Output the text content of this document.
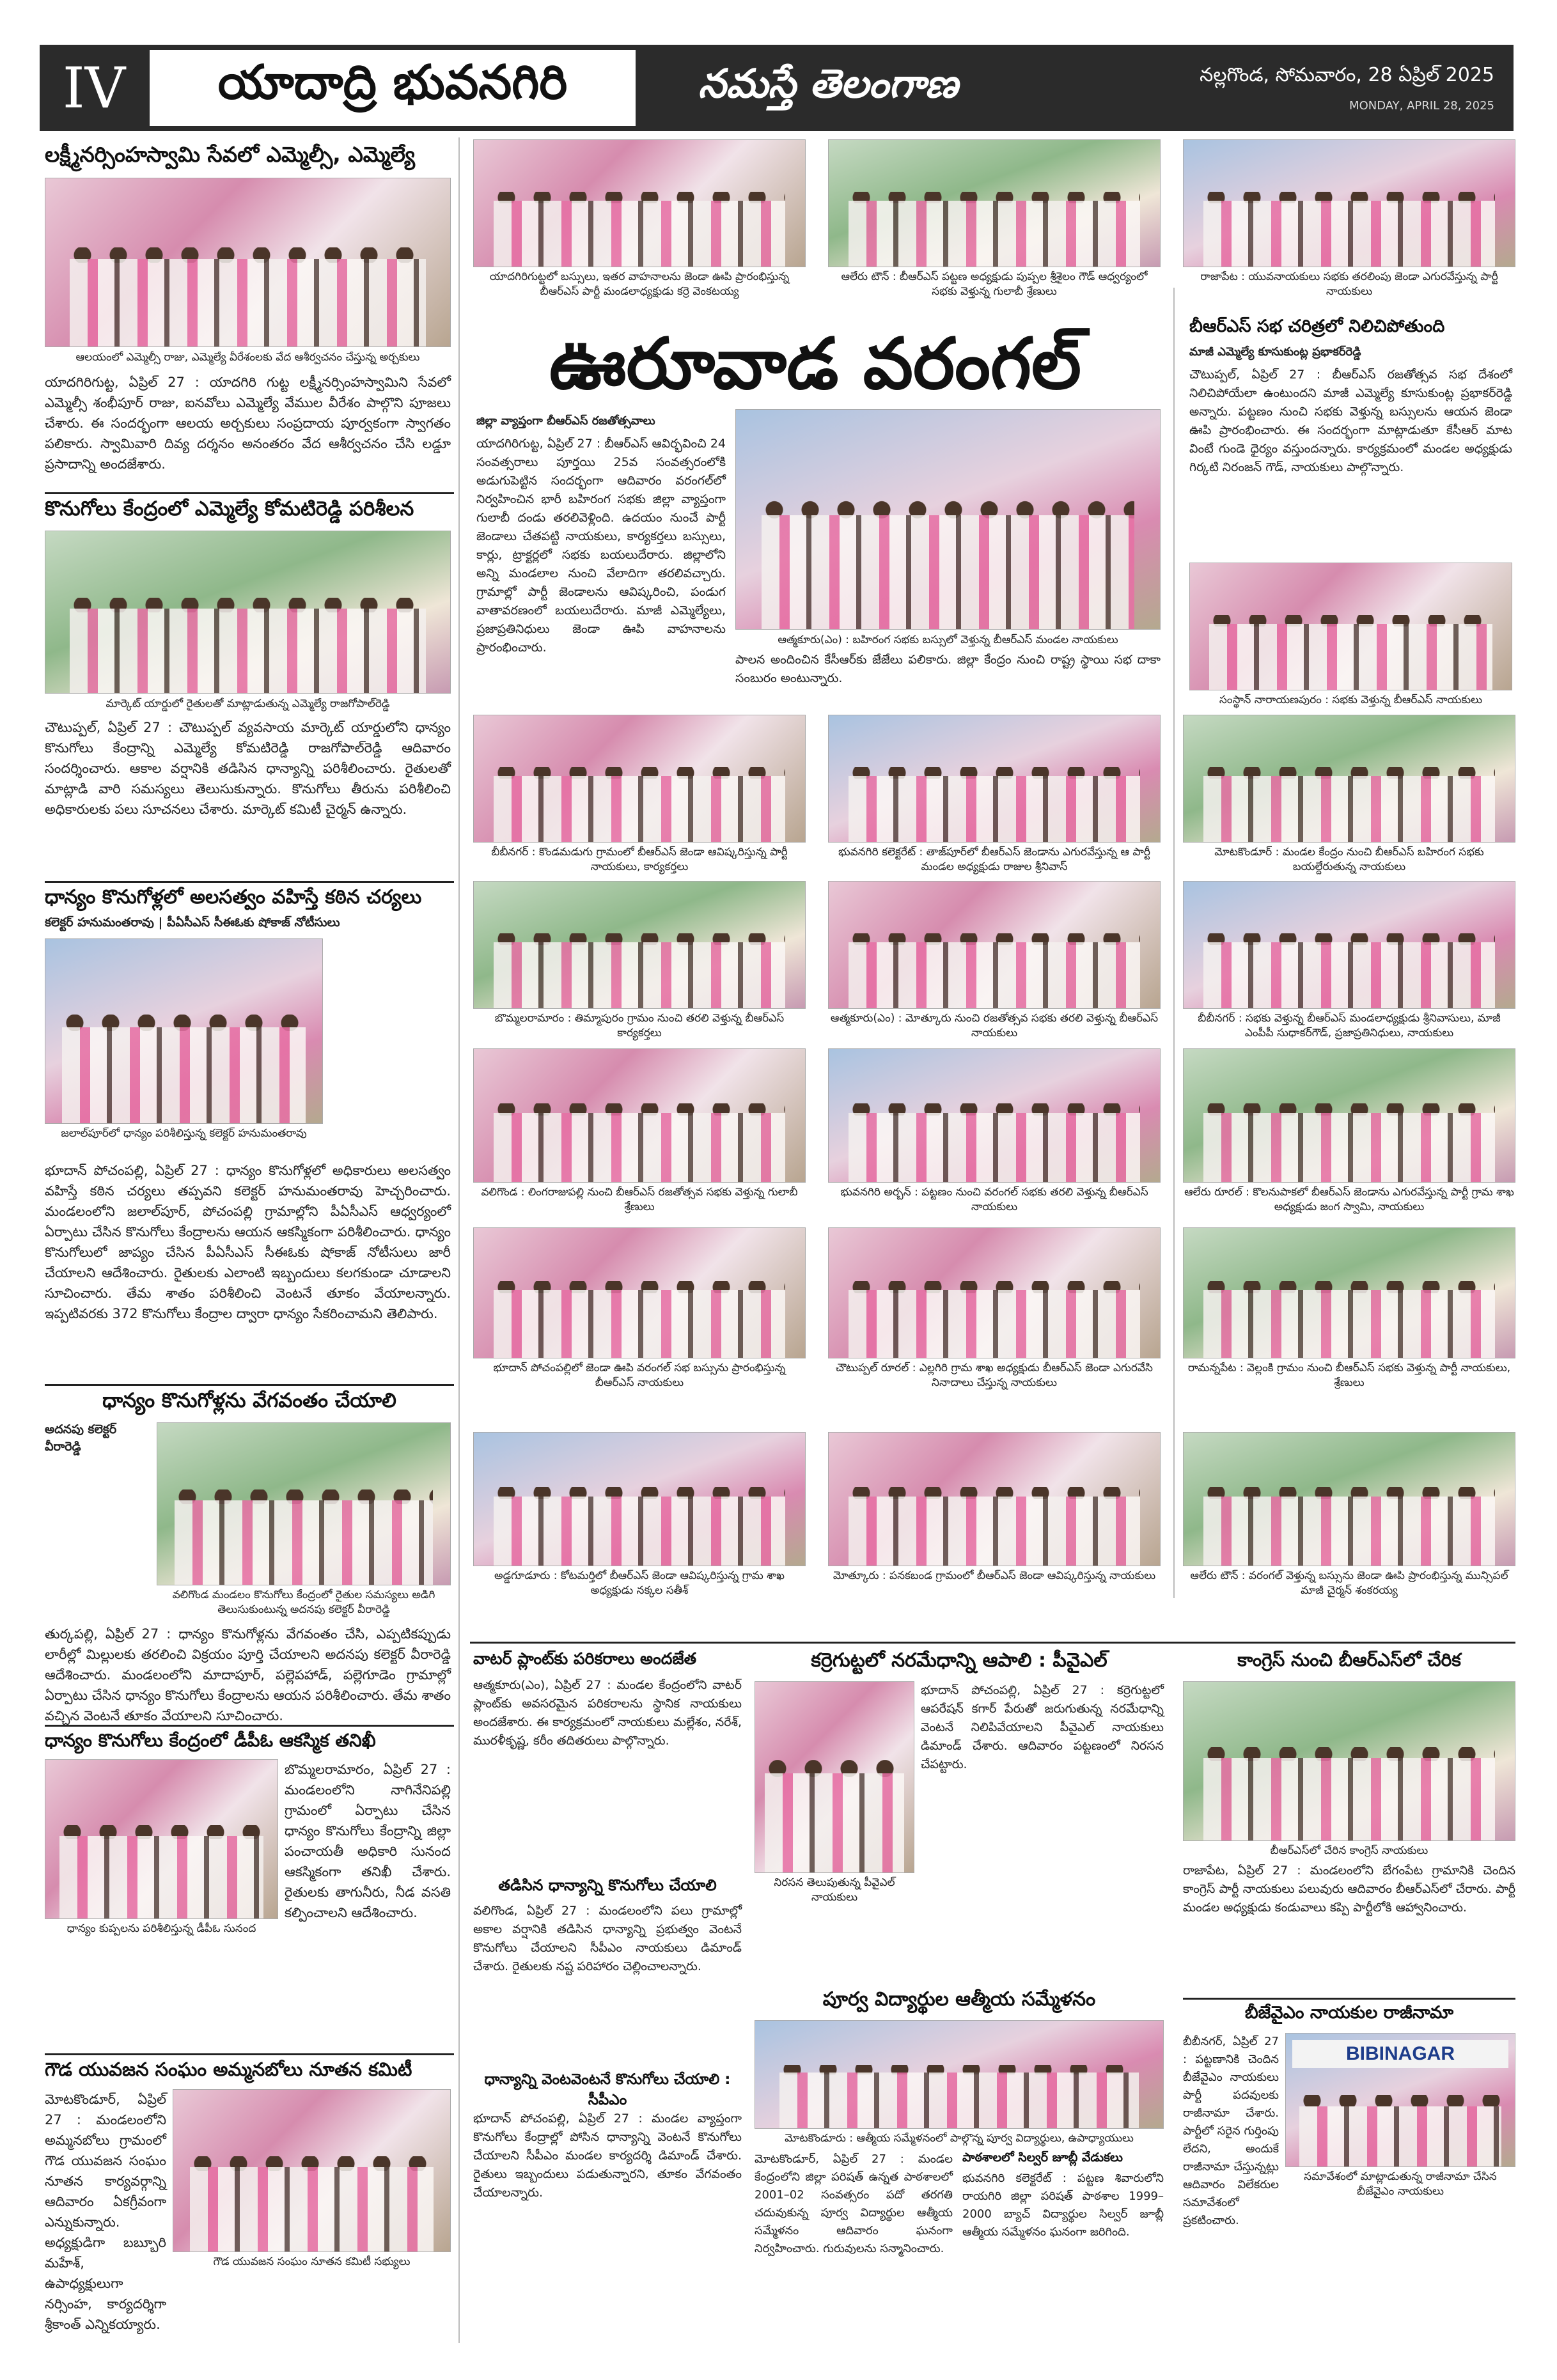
IV	యాదాద్రి భువనగిరి	నమస్తే తెలంగాణ	నల్లగొండ, సోమవారం, 28 ఏప్రిల్ 2025
MONDAY, APRIL 28, 2025
లక్ష్మీనర్సింహస్వామి సేవలో ఎమ్మెల్సీ, ఎమ్మెల్యే
ఆలయంలో ఎమ్మెల్సీ రాజు, ఎమ్మెల్యే వీరేశంలకు వేద ఆశీర్వచనం చేస్తున్న అర్చకులు
యాదగిరిగుట్ట, ఏప్రిల్ 27 : యాదగిరి గుట్ట లక్ష్మీనర్సింహస్వామిని సేవలో ఎమ్మెల్సీ శంభీపూర్ రాజు, ఐనవోలు ఎమ్మెల్యే వేముల వీరేశం పాల్గొని పూజలు చేశారు. ఈ సందర్భంగా ఆలయ అర్చకులు సంప్రదాయ పూర్వకంగా స్వాగతం పలికారు. స్వామివారి దివ్య దర్శనం అనంతరం వేద ఆశీర్వచనం చేసి లడ్డూ ప్రసాదాన్ని అందజేశారు.
కొనుగోలు కేంద్రంలో ఎమ్మెల్యే కోమటిరెడ్డి పరిశీలన
మార్కెట్ యార్డులో రైతులతో మాట్లాడుతున్న ఎమ్మెల్యే రాజగోపాల్‌రెడ్డి
చౌటుప్పల్, ఏప్రిల్ 27 : చౌటుప్పల్ వ్యవసాయ మార్కెట్ యార్డులోని ధాన్యం కొనుగోలు కేంద్రాన్ని ఎమ్మెల్యే కోమటిరెడ్డి రాజగోపాల్‌రెడ్డి ఆదివారం సందర్శించారు. ఆకాల వర్షానికి తడిసిన ధాన్యాన్ని పరిశీలించారు. రైతులతో మాట్లాడి వారి సమస్యలు తెలుసుకున్నారు. కొనుగోలు తీరును పరిశీలించి అధికారులకు పలు సూచనలు చేశారు. మార్కెట్ కమిటీ చైర్మన్ ఉన్నారు.
ధాన్యం కొనుగోళ్లలో అలసత్వం వహిస్తే కఠిన చర్యలు
కలెక్టర్ హనుమంతరావు | పీఏసీఎస్ సీఈఓకు షోకాజ్ నోటీసులు
జలాల్‌పూర్‌లో ధాన్యం పరిశీలిస్తున్న కలెక్టర్ హనుమంతరావు
భూదాన్ పోచంపల్లి, ఏప్రిల్ 27 : ధాన్యం కొనుగోళ్లలో అధికారులు అలసత్వం వహిస్తే కఠిన చర్యలు తప్పవని కలెక్టర్ హనుమంతరావు హెచ్చరించారు. మండలంలోని జలాల్‌పూర్, పోచంపల్లి గ్రామాల్లోని పీఏసీఎస్ ఆధ్వర్యంలో ఏర్పాటు చేసిన కొనుగోలు కేంద్రాలను ఆయన ఆకస్మికంగా పరిశీలించారు. ధాన్యం కొనుగోలులో జాప్యం చేసిన పీఏసీఎస్ సీఈఓకు షోకాజ్ నోటీసులు జారీ చేయాలని ఆదేశించారు. రైతులకు ఎలాంటి ఇబ్బందులు కలగకుండా చూడాలని సూచించారు. తేమ శాతం పరిశీలించి వెంటనే తూకం వేయాలన్నారు. ఇప్పటివరకు 372 కొనుగోలు కేంద్రాల ద్వారా ధాన్యం సేకరించామని తెలిపారు.
ధాన్యం కొనుగోళ్లను వేగవంతం చేయాలి
అదనపు కలెక్టర్ వీరారెడ్డి
వలిగొండ మండలం కొనుగోలు కేంద్రంలో రైతుల సమస్యలు అడిగి తెలుసుకుంటున్న అదనపు కలెక్టర్ వీరారెడ్డి
తుర్కపల్లి, ఏప్రిల్ 27 : ధాన్యం కొనుగోళ్లను వేగవంతం చేసి, ఎప్పటికప్పుడు లారీల్లో మిల్లులకు తరలించి విక్రయం పూర్తి చేయాలని అదనపు కలెక్టర్ వీరారెడ్డి ఆదేశించారు. మండలంలోని మాదాపూర్, పల్లెపహాడ్, పల్లెగూడెం గ్రామాల్లో ఏర్పాటు చేసిన ధాన్యం కొనుగోలు కేంద్రాలను ఆయన పరిశీలించారు. తేమ శాతం వచ్చిన వెంటనే తూకం వేయాలని సూచించారు.
ధాన్యం కొనుగోలు కేంద్రంలో డీపీఓ ఆకస్మిక తనిఖీ
ధాన్యం కుప్పలను పరిశీలిస్తున్న డీపీఓ సునంద
బొమ్మలరామారం, ఏప్రిల్ 27 : మండలంలోని నాగినేనిపల్లి గ్రామంలో ఏర్పాటు చేసిన ధాన్యం కొనుగోలు కేంద్రాన్ని జిల్లా పంచాయతీ అధికారి సునంద ఆకస్మికంగా తనిఖీ చేశారు. రైతులకు తాగునీరు, నీడ వసతి కల్పించాలని ఆదేశించారు.
గౌడ యువజన సంఘం అమ్మనబోలు నూతన కమిటీ
మోటకొండూర్, ఏప్రిల్ 27 : మండలంలోని అమ్మనబోలు గ్రామంలో గౌడ యువజన సంఘం నూతన కార్యవర్గాన్ని ఆదివారం ఏకగ్రీవంగా ఎన్నుకున్నారు. అధ్యక్షుడిగా బబ్బూరి మహేశ్, ఉపాధ్యక్షులుగా నర్సింహ, కార్యదర్శిగా శ్రీకాంత్ ఎన్నికయ్యారు.
గౌడ యువజన సంఘం నూతన కమిటీ సభ్యులు
యాదగిరిగుట్టలో బస్సులు, ఇతర వాహనాలను జెండా ఊపి ప్రారంభిస్తున్న బీఆర్‌ఎస్ పార్టీ మండలాధ్యక్షుడు కర్రె వెంకటయ్య
ఆలేరు టౌన్ : బీఆర్‌ఎస్ పట్టణ అధ్యక్షుడు పుప్పల శ్రీశైలం గౌడ్ ఆధ్వర్యంలో సభకు వెళ్తున్న గులాబీ శ్రేణులు
రాజాపేట : యువనాయకులు సభకు తరలింపు జెండా ఎగురవేస్తున్న పార్టీ నాయకులు
ఊరూవాడ వరంగల్
జిల్లా వ్యాప్తంగా బీఆర్‌ఎస్ రజతోత్సవాలు
యాదగిరిగుట్ట, ఏప్రిల్ 27 : బీఆర్‌ఎస్ ఆవిర్భవించి 24 సంవత్సరాలు పూర్తయి 25వ సంవత్సరంలోకి అడుగుపెట్టిన సందర్భంగా ఆదివారం వరంగల్‌లో నిర్వహించిన భారీ బహిరంగ సభకు జిల్లా వ్యాప్తంగా గులాబీ దండు తరలివెళ్లింది. ఉదయం నుంచే పార్టీ జెండాలు చేతపట్టి నాయకులు, కార్యకర్తలు బస్సులు, కార్లు, ట్రాక్టర్లలో సభకు బయలుదేరారు. జిల్లాలోని అన్ని మండలాల నుంచి వేలాదిగా తరలివచ్చారు. గ్రామాల్లో పార్టీ జెండాలను ఆవిష్కరించి, పండుగ వాతావరణంలో బయలుదేరారు. మాజీ ఎమ్మెల్యేలు, ప్రజాప్రతినిధులు జెండా ఊపి వాహనాలను ప్రారంభించారు.
ఆత్మకూరు(ఎం) : బహిరంగ సభకు బస్సులో వెళ్తున్న బీఆర్‌ఎస్ మండల నాయకులు
పాలన అందించిన కేసీఆర్‌కు జేజేలు పలికారు. జిల్లా కేంద్రం నుంచి రాష్ట్ర స్థాయి సభ దాకా సంబురం అంటున్నారు.
బీఆర్‌ఎస్ సభ చరిత్రలో నిలిచిపోతుంది
మాజీ ఎమ్మెల్యే కూసుకుంట్ల ప్రభాకర్‌రెడ్డి
చౌటుప్పల్, ఏప్రిల్ 27 : బీఆర్‌ఎస్ రజతోత్సవ సభ దేశంలో నిలిచిపోయేలా ఉంటుందని మాజీ ఎమ్మెల్యే కూసుకుంట్ల ప్రభాకర్‌రెడ్డి అన్నారు. పట్టణం నుంచి సభకు వెళ్తున్న బస్సులను ఆయన జెండా ఊపి ప్రారంభించారు. ఈ సందర్భంగా మాట్లాడుతూ కేసీఆర్ మాట వింటే గుండె ధైర్యం వస్తుందన్నారు. కార్యక్రమంలో మండల అధ్యక్షుడు గిర్కటి నిరంజన్ గౌడ్, నాయకులు పాల్గొన్నారు.
సంస్థాన్ నారాయణపురం : సభకు వెళ్తున్న బీఆర్‌ఎస్ నాయకులు
బీబీనగర్ : కొండమడుగు గ్రామంలో బీఆర్‌ఎస్ జెండా ఆవిష్కరిస్తున్న పార్టీ నాయకులు, కార్యకర్తలు
భువనగిరి కలెక్టరేట్ : తాజ్‌పూర్‌లో బీఆర్‌ఎస్ జెండాను ఎగురవేస్తున్న ఆ పార్టీ మండల అధ్యక్షుడు రాజుల శ్రీనివాస్
మోటకొండూర్ : మండల కేంద్రం నుంచి బీఆర్‌ఎస్ బహిరంగ సభకు బయల్దేరుతున్న నాయకులు
బొమ్మలరామారం : తిమ్మాపురం గ్రామం నుంచి తరలి వెళ్తున్న బీఆర్‌ఎస్ కార్యకర్తలు
ఆత్మకూరు(ఎం) : మోత్కూరు నుంచి రజతోత్సవ సభకు తరలి వెళ్తున్న బీఆర్‌ఎస్ నాయకులు
బీబీనగర్ : సభకు వెళ్తున్న బీఆర్‌ఎస్ మండలాధ్యక్షుడు శ్రీనివాసులు, మాజీ ఎంపీపీ సుధాకర్‌గౌడ్, ప్రజాప్రతినిధులు, నాయకులు
వలిగొండ : లింగరాజుపల్లి నుంచి బీఆర్‌ఎస్ రజతోత్సవ సభకు వెళ్తున్న గులాబీ శ్రేణులు
భువనగిరి అర్బన్ : పట్టణం నుంచి వరంగల్ సభకు తరలి వెళ్తున్న బీఆర్‌ఎస్ నాయకులు
ఆలేరు రూరల్ : కొలనుపాకలో బీఆర్‌ఎస్ జెండాను ఎగురవేస్తున్న పార్టీ గ్రామ శాఖ అధ్యక్షుడు జంగ స్వామి, నాయకులు
భూదాన్ పోచంపల్లిలో జెండా ఊపి వరంగల్ సభ బస్సును ప్రారంభిస్తున్న బీఆర్‌ఎస్ నాయకులు
చౌటుప్పల్ రూరల్ : ఎల్లగిరి గ్రామ శాఖ అధ్యక్షుడు బీఆర్‌ఎస్ జెండా ఎగురవేసి నినాదాలు చేస్తున్న నాయకులు
రామన్నపేట : వెల్లంకి గ్రామం నుంచి బీఆర్‌ఎస్ సభకు వెళ్తున్న పార్టీ నాయకులు, శ్రేణులు
అడ్డగూడూరు : కోటమర్తిలో బీఆర్‌ఎస్ జెండా ఆవిష్కరిస్తున్న గ్రామ శాఖ అధ్యక్షుడు నక్కల సతీశ్
మోత్కూరు : పనకబండ గ్రామంలో బీఆర్‌ఎస్ జెండా ఆవిష్కరిస్తున్న నాయకులు	ఆలేరు టౌన్ : వరంగల్ వెళ్తున్న బస్సును జెండా ఊపి ప్రారంభిస్తున్న మున్సిపల్ మాజీ చైర్మన్ శంకరయ్య
వాటర్ ప్లాంట్‌కు పరికరాలు అందజేత
ఆత్మకూరు(ఎం), ఏప్రిల్ 27 : మండల కేంద్రంలోని వాటర్ ప్లాంట్‌కు అవసరమైన పరికరాలను స్థానిక నాయకులు అందజేశారు. ఈ కార్యక్రమంలో నాయకులు మల్లేశం, నరేశ్, మురళీకృష్ణ, కరీం తదితరులు పాల్గొన్నారు.
తడిసిన ధాన్యాన్ని కొనుగోలు చేయాలి
వలిగొండ, ఏప్రిల్ 27 : మండలంలోని పలు గ్రామాల్లో అకాల వర్షానికి తడిసిన ధాన్యాన్ని ప్రభుత్వం వెంటనే కొనుగోలు చేయాలని సీపీఎం నాయకులు డిమాండ్ చేశారు. రైతులకు నష్ట పరిహారం చెల్లించాలన్నారు.
ధాన్యాన్ని వెంటవెంటనే కొనుగోలు చేయాలి : సీపీఎం
భూదాన్ పోచంపల్లి, ఏప్రిల్ 27 : మండల వ్యాప్తంగా కొనుగోలు కేంద్రాల్లో పోసిన ధాన్యాన్ని వెంటనే కొనుగోలు చేయాలని సీపీఎం మండల కార్యదర్శి డిమాండ్ చేశారు. రైతులు ఇబ్బందులు పడుతున్నారని, తూకం వేగవంతం చేయాలన్నారు.
కర్రెగుట్టలో నరమేధాన్ని ఆపాలి : పీవైఎల్
నిరసన తెలుపుతున్న పీవైఎల్ నాయకులు
భూదాన్ పోచంపల్లి, ఏప్రిల్ 27 : కర్రెగుట్టలో ఆపరేషన్ కగార్ పేరుతో జరుగుతున్న నరమేధాన్ని వెంటనే నిలిపివేయాలని పీవైఎల్ నాయకులు డిమాండ్ చేశారు. ఆదివారం పట్టణంలో నిరసన చేపట్టారు.
పూర్వ విద్యార్థుల ఆత్మీయ సమ్మేళనం
మోటకొండూరు : ఆత్మీయ సమ్మేళనంలో పాల్గొన్న పూర్వ విద్యార్థులు, ఉపాధ్యాయులు
మోటకొండూర్, ఏప్రిల్ 27 : మండల కేంద్రంలోని జిల్లా పరిషత్ ఉన్నత పాఠశాలలో 2001–02 సంవత్సరం పదో తరగతి చదువుకున్న పూర్వ విద్యార్థుల ఆత్మీయ సమ్మేళనం ఆదివారం ఘనంగా నిర్వహించారు. గురువులను సన్మానించారు.
పాఠశాలలో సిల్వర్ జూబ్లీ వేడుకలు
భువనగిరి కలెక్టరేట్ : పట్టణ శివారులోని రాయగిరి జిల్లా పరిషత్ పాఠశాల 1999–2000 బ్యాచ్ విద్యార్థుల సిల్వర్ జూబ్లీ ఆత్మీయ సమ్మేళనం ఘనంగా జరిగింది.
కాంగ్రెస్ నుంచి బీఆర్‌ఎస్‌లో చేరిక
బీఆర్‌ఎస్‌లో చేరిన కాంగ్రెస్ నాయకులు
రాజాపేట, ఏప్రిల్ 27 : మండలంలోని బేగంపేట గ్రామానికి చెందిన కాంగ్రెస్ పార్టీ నాయకులు పలువురు ఆదివారం బీఆర్‌ఎస్‌లో చేరారు. పార్టీ మండల అధ్యక్షుడు కండువాలు కప్పి పార్టీలోకి ఆహ్వానించారు.
బీజేవైఎం నాయకుల రాజీనామా
బీబీనగర్, ఏప్రిల్ 27 : పట్టణానికి చెందిన బీజేవైఎం నాయకులు పార్టీ పదవులకు రాజీనామా చేశారు. పార్టీలో సరైన గుర్తింపు లేదని, అందుకే రాజీనామా చేస్తున్నట్లు ఆదివారం విలేకరుల సమావేశంలో ప్రకటించారు.
BIBINAGAR
సమావేశంలో మాట్లాడుతున్న రాజీనామా చేసిన బీజేవైఎం నాయకులు
